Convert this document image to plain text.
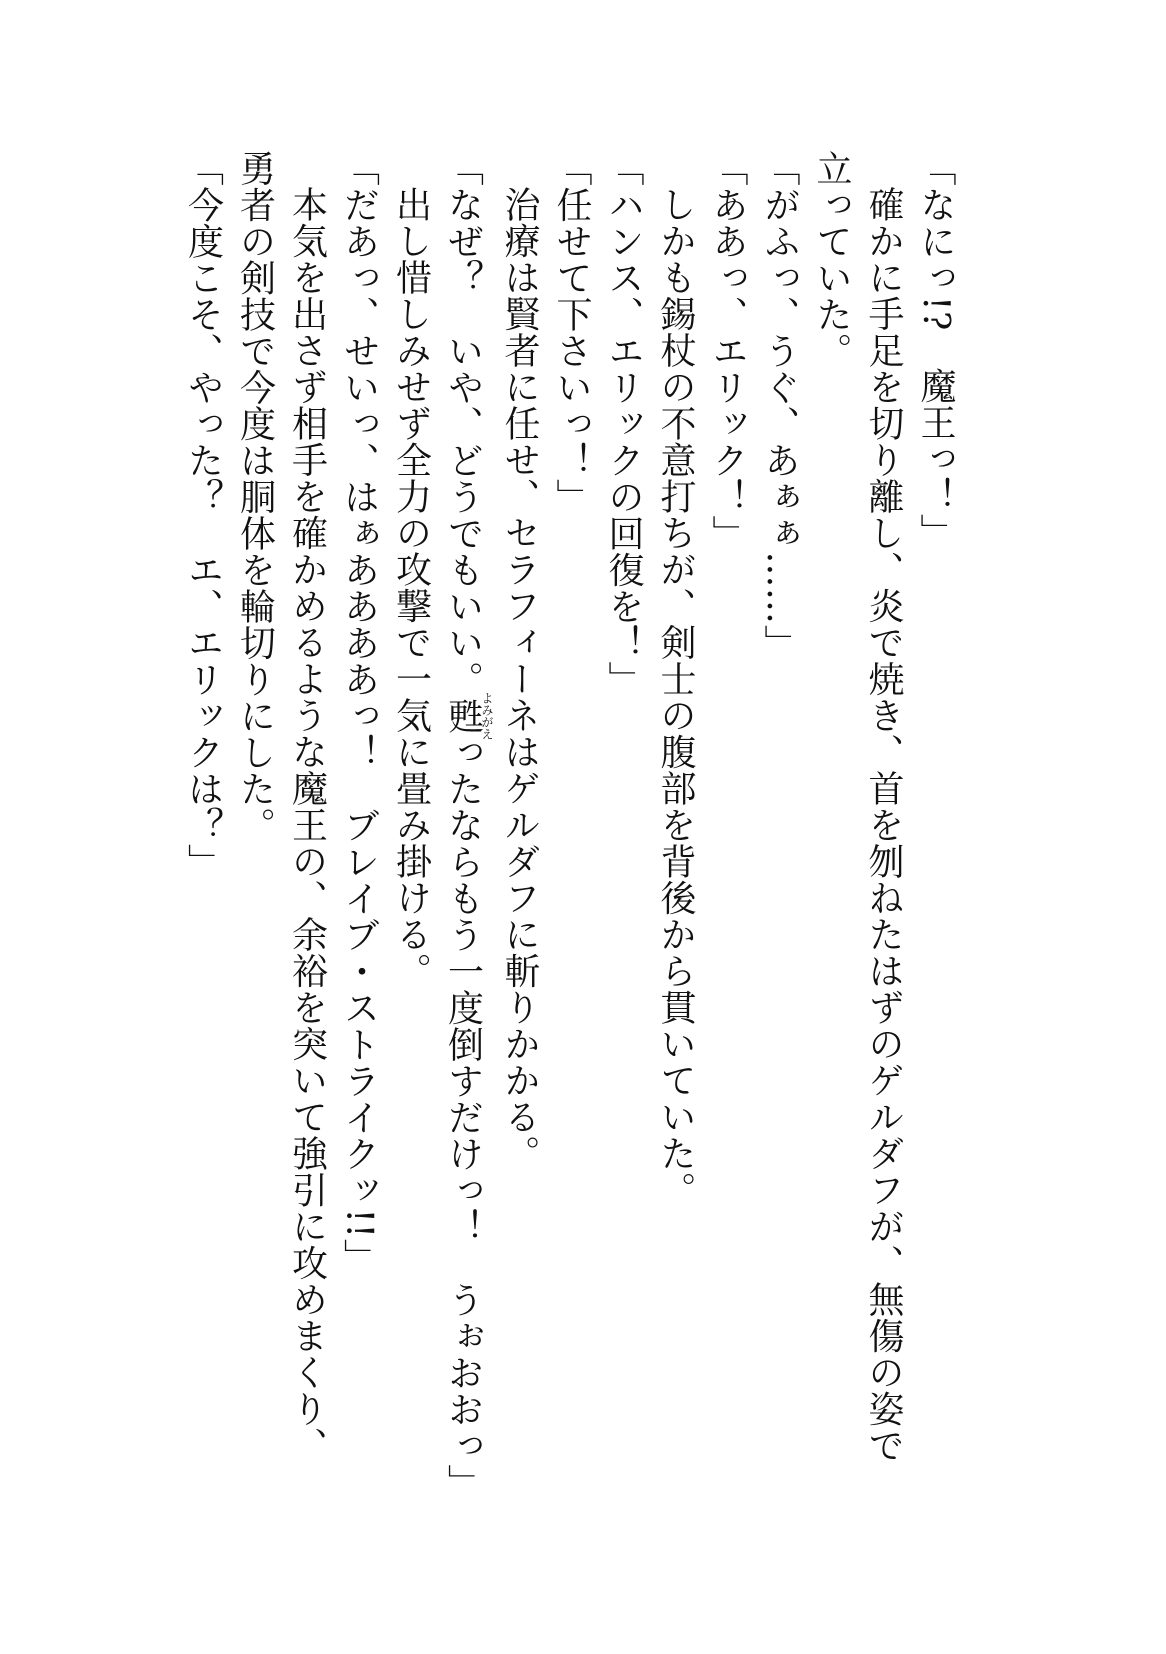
「なにっ!?　魔王っ！」
確かに手足を切り離し、炎で焼き、首を刎ねたはずのゲルダフが、無傷の姿で
立っていた。
「がふっ、うぐ、あぁぁ……」
「ああっ、エリック！」
しかも錫杖の不意打ちが、剣士の腹部を背後から貫いていた。
「ハンス、エリックの回復を！」
「任せて下さいっ！」
治療は賢者に任せ、セラフィーネはゲルダフに斬りかかる。
「なぜ？　いや、どうでもいい。甦よみがえったならもう一度倒すだけっ！　うぉおおっ」
出し惜しみせず全力の攻撃で一気に畳み掛ける。
「だあっ、せいっ、はぁああああっ！　ブレイブ・ストライクッ!!」
本気を出さず相手を確かめるような魔王の、余裕を突いて強引に攻めまくり、
勇者の剣技で今度は胴体を輪切りにした。
「今度こそ、やった？　エ、エリックは？」
